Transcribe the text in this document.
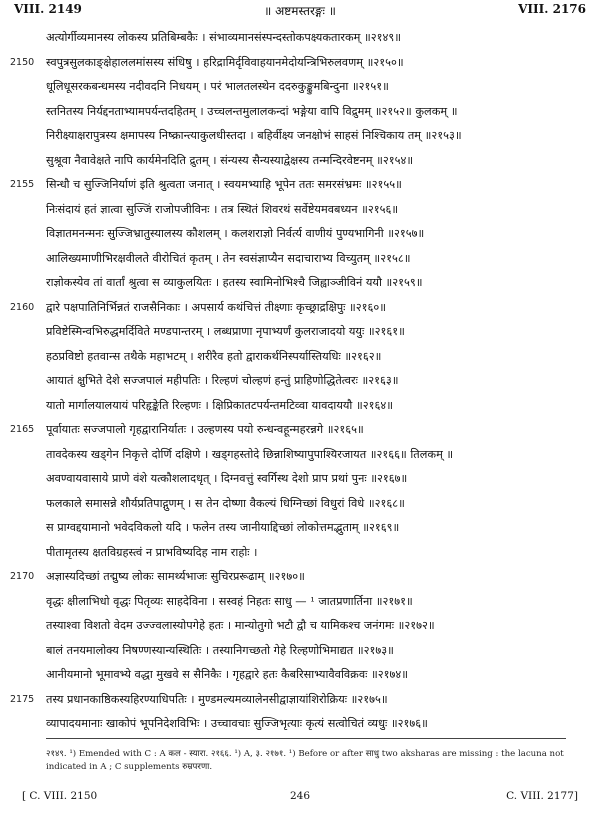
VIII. 2149	॥ अष्टमस्तरङ्गः ॥	VIII. 2176
अत्योर्गीव्यमानस्य लोकस्य प्रतिबिम्बकैः । संभाव्यमानसंस्पन्दस्तोकपक्ष्यकतारकम् ॥२१४९॥
2150	स्वपुत्रसुलकाङ्क्षेहाललमांसस्य संधिषु । हरिद्रामिर्दृविवाहयानमेदोयन्त्रिभिरुलवणम् ॥२१५०॥
धूलिधूसरकबन्धमस्य नदीवदनि निधयम् । परं भालतलस्थेन ददरुकुङ्कुमबिन्दुना ॥२१५१॥
स्तनितस्य निर्यद्दनताभ्यामपर्यन्तदहितम् । उच्चलन्तमुलालकन्दां भङ्गेया वापि विद्रुमम् ॥२१५२॥ कुलकम् ॥
निरीक्ष्याक्षरापुत्रस्य क्षमापस्य निष्क्रान्त्याकुलधीस्तदा । बहिर्वीक्ष्य जनक्षोभं साहसं निश्चिकाय तम् ॥२१५३॥
सुश्रूवा नैवावेक्षते नापि कार्यमेनदिति द्रुतम् । संन्यस्य सैन्यस्याद्वेक्षस्य तन्मन्दिरवेष्टनम् ॥२१५४॥
2155	सिन्धौ च सुज्जिनिर्याणं इति श्रुत्वता जनात् । स्वयमभ्याहि भूपेन ततः समरसंभ्रमः ॥२१५५॥
निःसंदायं हतं ज्ञात्वा सुज्जिं राजोपजीविनः । तत्र स्थितं शिवरथं सर्वेष्टेयमवबध्यन ॥२१५६॥
विज्ञातमनन्मनः सुज्जिभ्रातुस्यालस्य कौशलम् । कलशराज्ञो निर्वर्त्य वाणीयं पुण्यभागिनी ॥२१५७॥
आलिख्यमाणीभिरक्षवीलते वीरोचितं कृतम् । तेन स्वसंज्ञाप्यैन सदाचाराभ्य विच्युतम् ॥२१५८॥
राज्ञोकस्येव तां वार्तां श्रुत्वा स व्याकुलयितः । हतस्य स्वामिनोभिश्चै जिह्वाञ्जीविनं ययौ ॥२१५९॥
2160	द्वारे पक्षपातिनिर्भिन्नतं राजसैनिकाः । अपसार्य कथंचित्तं तीक्ष्णाः कृच्छ्राद्रक्षिपुः ॥२१६०॥
प्रविष्टेस्मिन्वभिरुद्धमर्दिविते मण्डपान्तरम् । लब्धप्राणा नृपाभ्यर्णं कुलराजादयो ययुः ॥२१६१॥
हठप्रविष्टो हतवान्स तथैके महाभटम् । शरीरैव हतो द्वाराकर्थनिस्पर्यास्तियधिः ॥२१६२॥
आयातं क्षुभिते देशे सज्जपालं महीपतिः । रिल्हणं चोल्हणं हन्तुं प्राहिणोद्धितेत्वरः ॥२१६३॥
यातो मार्गालयालयायं परिहृङ्केति रिल्हणः । क्षिप्रिकातटपर्यन्तमटिव्वा यावदाययौ ॥२१६४॥
2165	पूर्वायातः सज्जपालो गृहद्वारानिर्यातः । उल्हणस्य पयो रुन्धन्वहून्महरन्नगे ॥२१६५॥
तावदेकस्य खड्गेन निकृत्ते दोर्णि दक्षिणे । खड्गहस्तोदे छिन्नाशिष्यापुपाश्यिरजायत ॥२१६६॥ तिलकम् ॥
अवण्वायवासाये प्राणे वंशे यत्कौशलादधृत् । दिग्नवत्तुं स्वर्गिस्थ देशो प्राप प्रथां पुनः ॥२१६७॥
फलकाले समासन्ने शौर्यप्रतिपाद्गुणम् । स तेन दोष्णा वैकल्यं धिग्निच्छां विधुरां विधे ॥२१६८॥
स प्राग्वद्दयामानो भवेदविकलो यदि । फलेन तस्य जानीयाद्दिच्छां लोकोत्तमद्भुताम् ॥२१६९॥
पीतामृतस्य क्षतविग्रहस्त्वं न प्राभविष्यदिह नाम राहोः ।
2170	अज्ञास्यदिच्छां तद्मुष्य लोकः सामर्थ्यभाजः सुचिरप्ररूढाम् ॥२१७०॥
वृद्धः क्षीलाभिधो वृद्धः पितृव्यः साहदेविना । सस्वहं निहतः साधु — ¹ जातप्रणार्तिना ॥२१७१॥
तस्याश्वा विशतो वेदम उज्ज्वलास्योपगेहे हतः । मान्योतुगो भटौ द्वौ च यामिकश्च जनंगमः ॥२१७२॥
बालं तनयमालोक्य निषण्णस्यान्यस्थितिः । तस्यानिगच्छतो गेहे रिल्हणोभिमाद्यत ॥२१७३॥
आनीयमानो भूमावभ्ये वद्धा मुखवे स सैनिकैः । गृहद्वारे हतः कैबरिसाभ्यावैवविक्रवः ॥२१७४॥
2175	तस्य प्रधानकाष्ठिकस्यहिरण्याधिपतिः । मुण्डमल्यमव्यालेनसीद्वाज्ञायांशिरोक्रियः ॥२१७५॥
व्यापादयमानाः खाकोपं भूपनिदेशविभिः । उच्चावचाः सुज्जिभृत्याः कृत्यं सत्वोचितं व्यधुः ॥२१७६॥
२१४९. ¹) Emended with C : A कल - स्यारा. २१६६. ¹) A, ३. २१७१. ¹) Before or after साधु two aksharas are missing : the lacuna not indicated in A ; C supplements रुम्रपरणा.
[ C. VIII. 2150	246	C. VIII. 2177]
